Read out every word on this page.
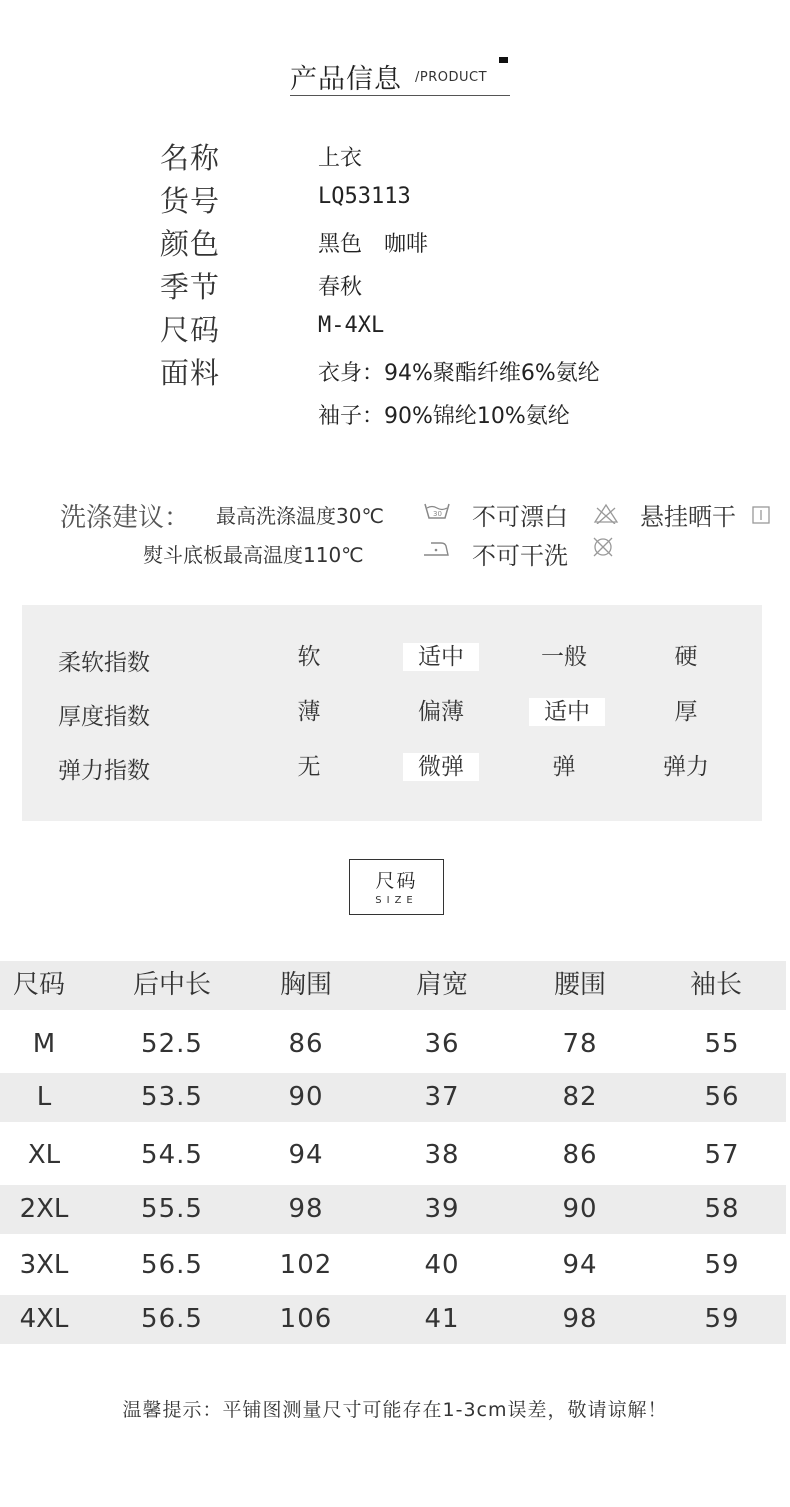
产品信息 /PRODUCT
名称	上衣
货号	LQ53113
颜色	黑色　咖啡
季节	春秋
尺码	M-4XL
面料	衣身：94%聚酯纤维6%氨纶
袖子：90%锦纶10%氨纶
洗涤建议： 最高洗涤温度30℃	30 不可漂白	悬挂晒干
熨斗底板最高温度110℃	不可干洗
柔软指数	软	适中	一般	硬
厚度指数	薄	偏薄	适中	厚
弹力指数	无	微弹	弹	弹力
尺码
SIZE
尺码	后中长	胸围	肩宽	腰围	袖长
M	52.5	86	36	78	55
L	53.5	90	37	82	56
XL	54.5	94	38	86	57
2XL	55.5	98	39	90	58
3XL	56.5	102	40	94	59
4XL	56.5	106	41	98	59
温馨提示：平铺图测量尺寸可能存在1-3cm误差，敬请谅解！
